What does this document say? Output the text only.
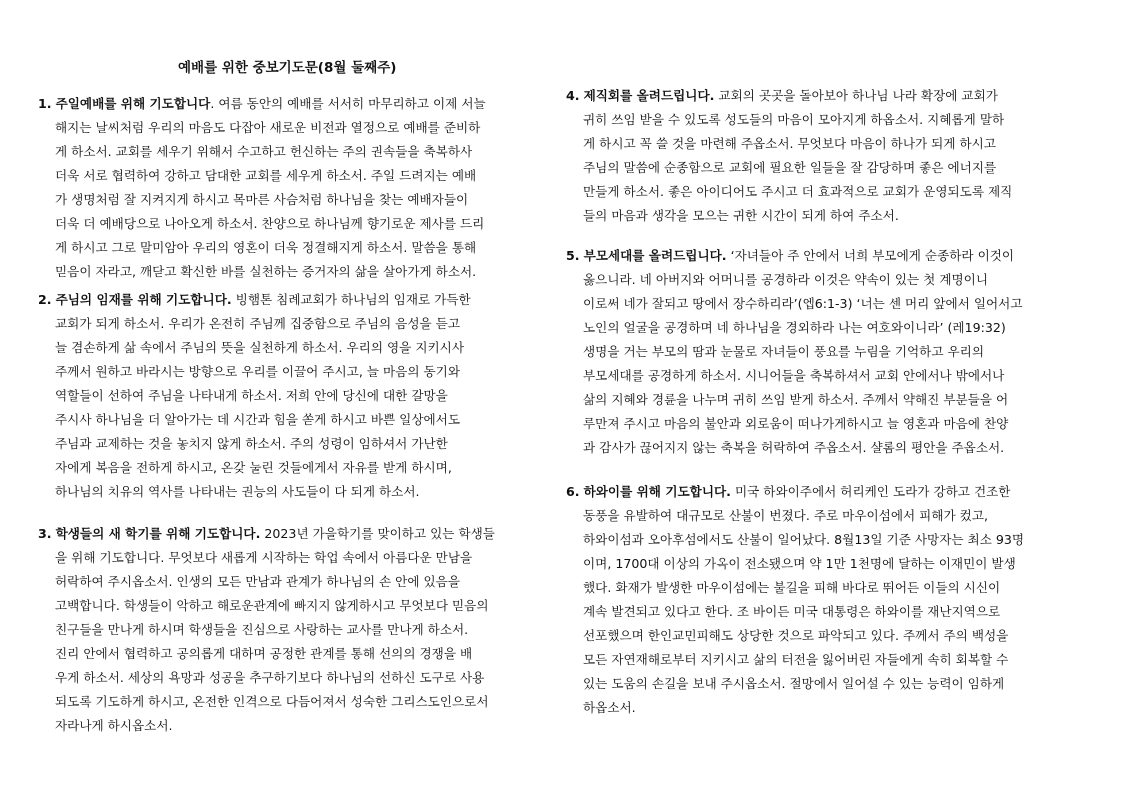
예배를 위한 중보기도문(8월 둘째주)
1. 주일예배를 위해 기도합니다. 여름 동안의 예배를 서서히 마무리하고 이제 서늘
해지는 날씨처럼 우리의 마음도 다잡아 새로운 비전과 열정으로 예배를 준비하
게 하소서. 교회를 세우기 위해서 수고하고 헌신하는 주의 권속들을 축복하사
더욱 서로 협력하여 강하고 담대한 교회를 세우게 하소서. 주일 드려지는 예배
가 생명처럼 잘 지켜지게 하시고 목마른 사슴처럼 하나님을 찾는 예배자들이
더욱 더 예배당으로 나아오게 하소서. 찬양으로 하나님께 향기로운 제사를 드리
게 하시고 그로 말미암아 우리의 영혼이 더욱 정결해지게 하소서. 말씀을 통해
믿음이 자라고, 깨닫고 확신한 바를 실천하는 증거자의 삶을 살아가게 하소서.
2. 주님의 임재를 위해 기도합니다. 빙햄톤 침례교회가 하나님의 임재로 가득한
교회가 되게 하소서. 우리가 온전히 주님께 집중함으로 주님의 음성을 듣고
늘 겸손하게 삶 속에서 주님의 뜻을 실천하게 하소서. 우리의 영을 지키시사
주께서 원하고 바라시는 방향으로 우리를 이끌어 주시고, 늘 마음의 동기와
역할들이 선하여 주님을 나타내게 하소서. 저희 안에 당신에 대한 갈망을
주시사 하나님을 더 알아가는 데 시간과 힘을 쏟게 하시고 바쁜 일상에서도
주님과 교제하는 것을 놓치지 않게 하소서. 주의 성령이 임하셔서 가난한
자에게 복음을 전하게 하시고, 온갖 눌린 것들에게서 자유를 받게 하시며,
하나님의 치유의 역사를 나타내는 권능의 사도들이 다 되게 하소서.
3. 학생들의 새 학기를 위해 기도합니다. 2023년 가을학기를 맞이하고 있는 학생들
을 위해 기도합니다. 무엇보다 새롭게 시작하는 학업 속에서 아름다운 만남을
허락하여 주시옵소서. 인생의 모든 만남과 관계가 하나님의 손 안에 있음을
고백합니다. 학생들이 악하고 해로운관계에 빠지지 않게하시고 무엇보다 믿음의
친구들을 만나게 하시며 학생들을 진심으로 사랑하는 교사를 만나게 하소서.
진리 안에서 협력하고 공의롭게 대하며 공정한 관계를 통해 선의의 경쟁을 배
우게 하소서. 세상의 욕망과 성공을 추구하기보다 하나님의 선하신 도구로 사용
되도록 기도하게 하시고, 온전한 인격으로 다듬어져서 성숙한 그리스도인으로서
자라나게 하시옵소서.
4. 제직회를 올려드립니다. 교회의 곳곳을 돌아보아 하나님 나라 확장에 교회가
귀히 쓰임 받을 수 있도록 성도들의 마음이 모아지게 하옵소서. 지혜롭게 말하
게 하시고 꼭 쓸 것을 마련해 주옵소서. 무엇보다 마음이 하나가 되게 하시고
주님의 말씀에 순종함으로 교회에 필요한 일들을 잘 감당하며 좋은 에너지를
만들게 하소서. 좋은 아이디어도 주시고 더 효과적으로 교회가 운영되도록 제직
들의 마음과 생각을 모으는 귀한 시간이 되게 하여 주소서.
5. 부모세대를 올려드립니다. ‘자녀들아 주 안에서 너희 부모에게 순종하라 이것이
옳으니라. 네 아버지와 어머니를 공경하라 이것은 약속이 있는 첫 계명이니
이로써 네가 잘되고 땅에서 장수하리라’(엡6:1-3) ‘너는 센 머리 앞에서 일어서고
노인의 얼굴을 공경하며 네 하나님을 경외하라 나는 여호와이니라’ (레19:32)
생명을 거는 부모의 땀과 눈물로 자녀들이 풍요를 누림을 기억하고 우리의
부모세대를 공경하게 하소서. 시니어들을 축복하셔서 교회 안에서나 밖에서나
삶의 지혜와 경륜을 나누며 귀히 쓰임 받게 하소서. 주께서 약해진 부분들을 어
루만져 주시고 마음의 불안과 외로움이 떠나가게하시고 늘 영혼과 마음에 찬양
과 감사가 끊어지지 않는 축복을 허락하여 주옵소서. 샬롬의 평안을 주옵소서.
6. 하와이를 위해 기도합니다. 미국 하와이주에서 허리케인 도라가 강하고 건조한
동풍을 유발하여 대규모로 산불이 번졌다. 주로 마우이섬에서 피해가 컸고,
하와이섬과 오아후섬에서도 산불이 일어났다. 8월13일 기준 사망자는 최소 93명
이며, 1700대 이상의 가옥이 전소됐으며 약 1만 1천명에 달하는 이재민이 발생
했다. 화재가 발생한 마우이섬에는 불길을 피해 바다로 뛰어든 이들의 시신이
계속 발견되고 있다고 한다. 조 바이든 미국 대통령은 하와이를 재난지역으로
선포했으며 한인교민피해도 상당한 것으로 파악되고 있다. 주께서 주의 백성을
모든 자연재해로부터 지키시고 삶의 터전을 잃어버린 자들에게 속히 회복할 수
있는 도움의 손길을 보내 주시옵소서. 절망에서 일어설 수 있는 능력이 임하게
하옵소서.
